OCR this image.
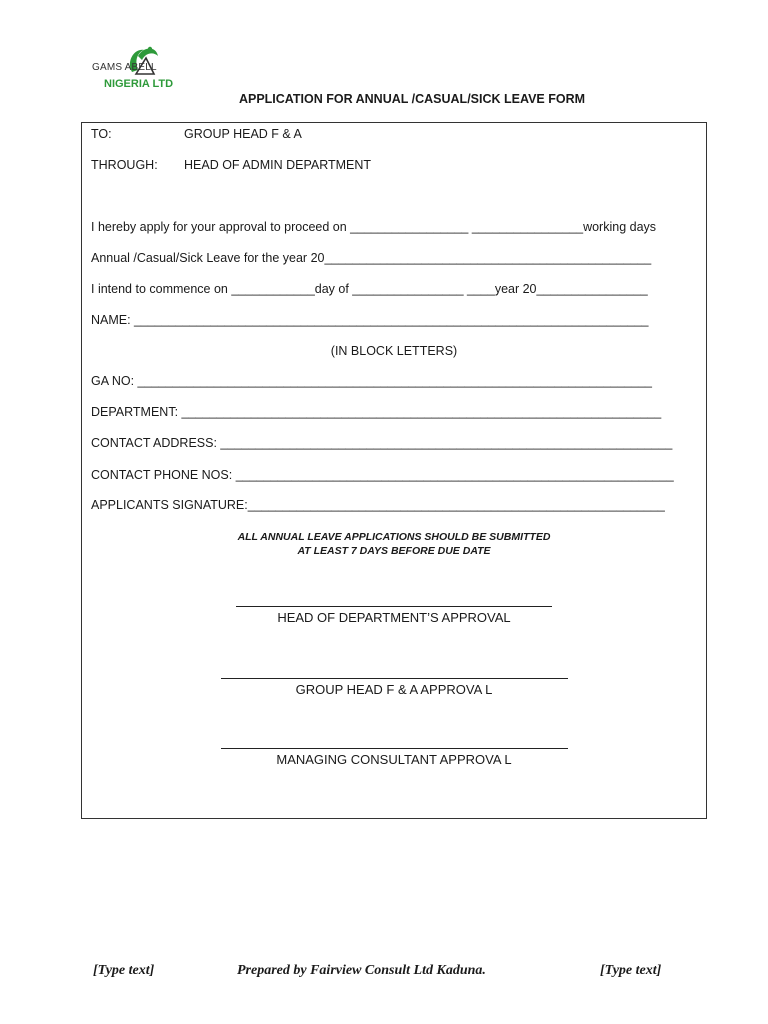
GAMS ABELL
NIGERIA LTD
APPLICATION FOR ANNUAL /CASUAL/SICK LEAVE FORM
TO:	GROUP HEAD F & A
THROUGH: HEAD OF ADMIN DEPARTMENT
I hereby apply for your approval to proceed on _________________ ________________working days
Annual /Casual/Sick Leave for the year 20_______________________________________________
I intend to commence on ____________day of ________________ ____year 20________________
NAME: __________________________________________________________________________
(IN BLOCK LETTERS)
GA NO: __________________________________________________________________________
DEPARTMENT: _____________________________________________________________________
CONTACT ADDRESS: _________________________________________________________________
CONTACT PHONE NOS: _______________________________________________________________
APPLICANTS SIGNATURE:____________________________________________________________
ALL ANNUAL LEAVE APPLICATIONS SHOULD BE SUBMITTED
AT LEAST 7 DAYS BEFORE DUE DATE
HEAD OF DEPARTMENT’S APPROVAL
GROUP HEAD F & A APPROVA L
MANAGING CONSULTANT APPROVA L
[Type text]	Prepared by Fairview Consult Ltd Kaduna.	[Type text]
